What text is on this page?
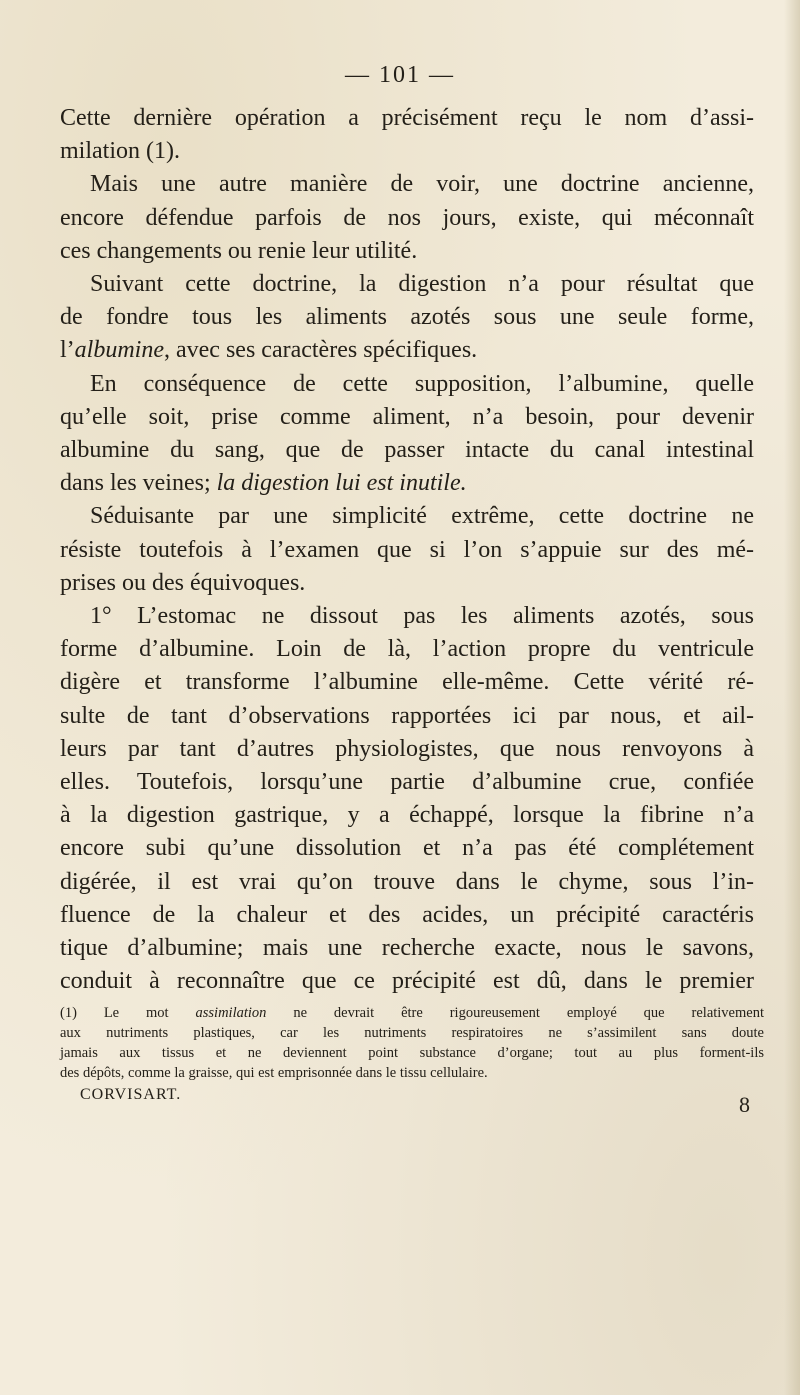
— 101 —
Cette dernière opération a précisément reçu le nom d’assi-
milation (1).
Mais une autre manière de voir, une doctrine ancienne,
encore défendue parfois de nos jours, existe, qui méconnaît
ces changements ou renie leur utilité.
Suivant cette doctrine, la digestion n’a pour résultat que
de fondre tous les aliments azotés sous une seule forme,
l’albumine, avec ses caractères spécifiques.
En conséquence de cette supposition, l’albumine, quelle
qu’elle soit, prise comme aliment, n’a besoin, pour devenir
albumine du sang, que de passer intacte du canal intestinal
dans les veines; la digestion lui est inutile.
Séduisante par une simplicité extrême, cette doctrine ne
résiste toutefois à l’examen que si l’on s’appuie sur des mé-
prises ou des équivoques.
1° L’estomac ne dissout pas les aliments azotés, sous
forme d’albumine. Loin de là, l’action propre du ventricule
digère et transforme l’albumine elle-même. Cette vérité ré-
sulte de tant d’observations rapportées ici par nous, et ail-
leurs par tant d’autres physiologistes, que nous renvoyons à
elles. Toutefois, lorsqu’une partie d’albumine crue, confiée
à la digestion gastrique, y a échappé, lorsque la fibrine n’a
encore subi qu’une dissolution et n’a pas été complétement
digérée, il est vrai qu’on trouve dans le chyme, sous l’in-
fluence de la chaleur et des acides, un précipité caractéris
tique d’albumine; mais une recherche exacte, nous le savons,
conduit à reconnaître que ce précipité est dû, dans le premier
(1) Le mot assimilation ne devrait être rigoureusement employé que relativement
aux nutriments plastiques, car les nutriments respiratoires ne s’assimilent sans doute
jamais aux tissus et ne deviennent point substance d’organe; tout au plus forment-ils
des dépôts, comme la graisse, qui est emprisonnée dans le tissu cellulaire.
CORVISART.	8
